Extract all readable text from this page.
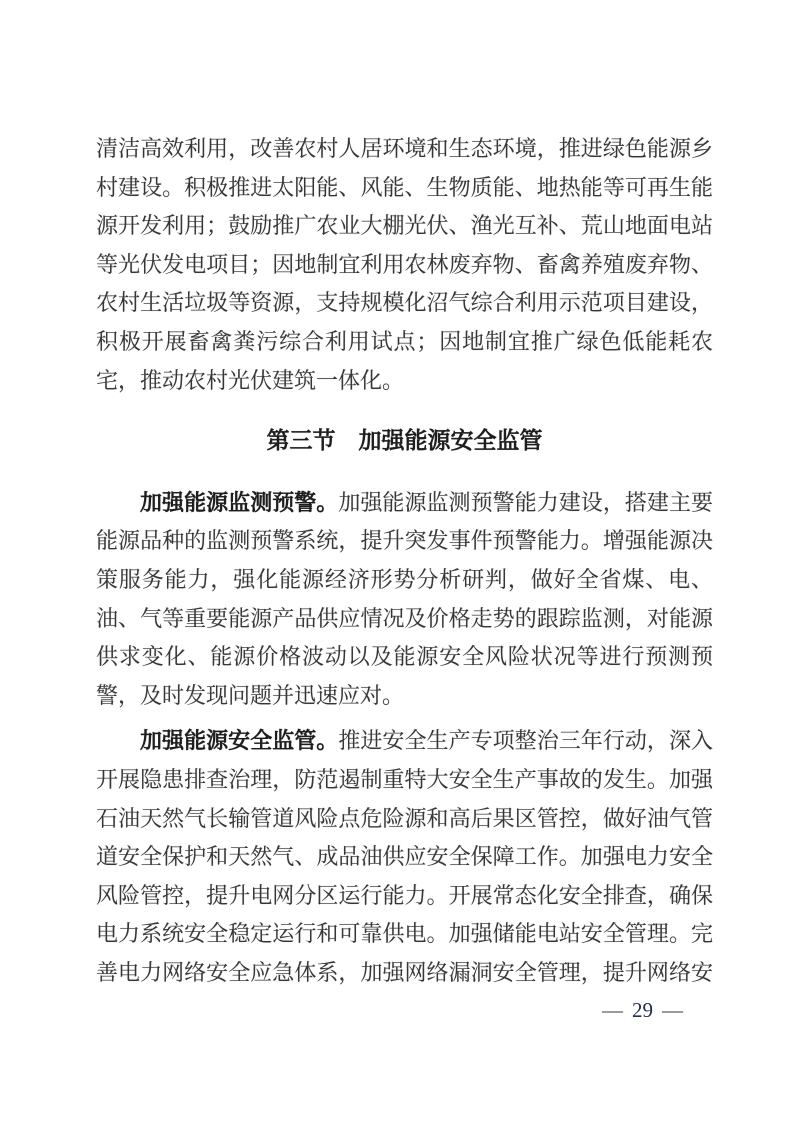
清洁高效利用，改善农村人居环境和生态环境，推进绿色能源乡
村建设。积极推进太阳能、风能、生物质能、地热能等可再生能
源开发利用；鼓励推广农业大棚光伏、渔光互补、荒山地面电站
等光伏发电项目；因地制宜利用农林废弃物、畜禽养殖废弃物、
农村生活垃圾等资源，支持规模化沼气综合利用示范项目建设，
积极开展畜禽粪污综合利用试点；因地制宜推广绿色低能耗农
宅，推动农村光伏建筑一体化。
第三节　加强能源安全监管
加强能源监测预警。加强能源监测预警能力建设，搭建主要
能源品种的监测预警系统，提升突发事件预警能力。增强能源决
策服务能力，强化能源经济形势分析研判，做好全省煤、电、
油、气等重要能源产品供应情况及价格走势的跟踪监测，对能源
供求变化、能源价格波动以及能源安全风险状况等进行预测预
警，及时发现问题并迅速应对。
加强能源安全监管。推进安全生产专项整治三年行动，深入
开展隐患排查治理，防范遏制重特大安全生产事故的发生。加强
石油天然气长输管道风险点危险源和高后果区管控，做好油气管
道安全保护和天然气、成品油供应安全保障工作。加强电力安全
风险管控，提升电网分区运行能力。开展常态化安全排查，确保
电力系统安全稳定运行和可靠供电。加强储能电站安全管理。完
善电力网络安全应急体系，加强网络漏洞安全管理，提升网络安
— 29 —
